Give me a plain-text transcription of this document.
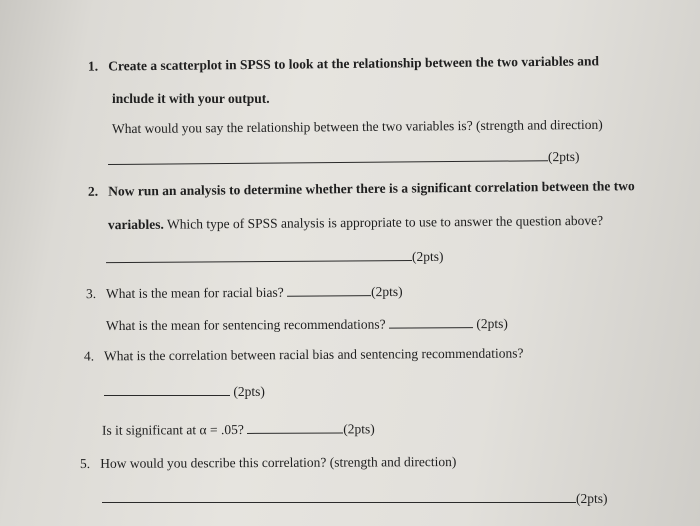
1. Create a scatterplot in SPSS to look at the relationship between the two variables and
include it with your output.
What would you say the relationship between the two variables is? (strength and direction)
(2pts)
2. Now run an analysis to determine whether there is a significant correlation between the two
variables. Which type of SPSS analysis is appropriate to use to answer the question above?
(2pts)
3. What is the mean for racial bias?	(2pts)
What is the mean for sentencing recommendations?	(2pts)
4. What is the correlation between racial bias and sentencing recommendations?
(2pts)
Is it significant at α = .05?	(2pts)
5. How would you describe this correlation? (strength and direction)
(2pts)
